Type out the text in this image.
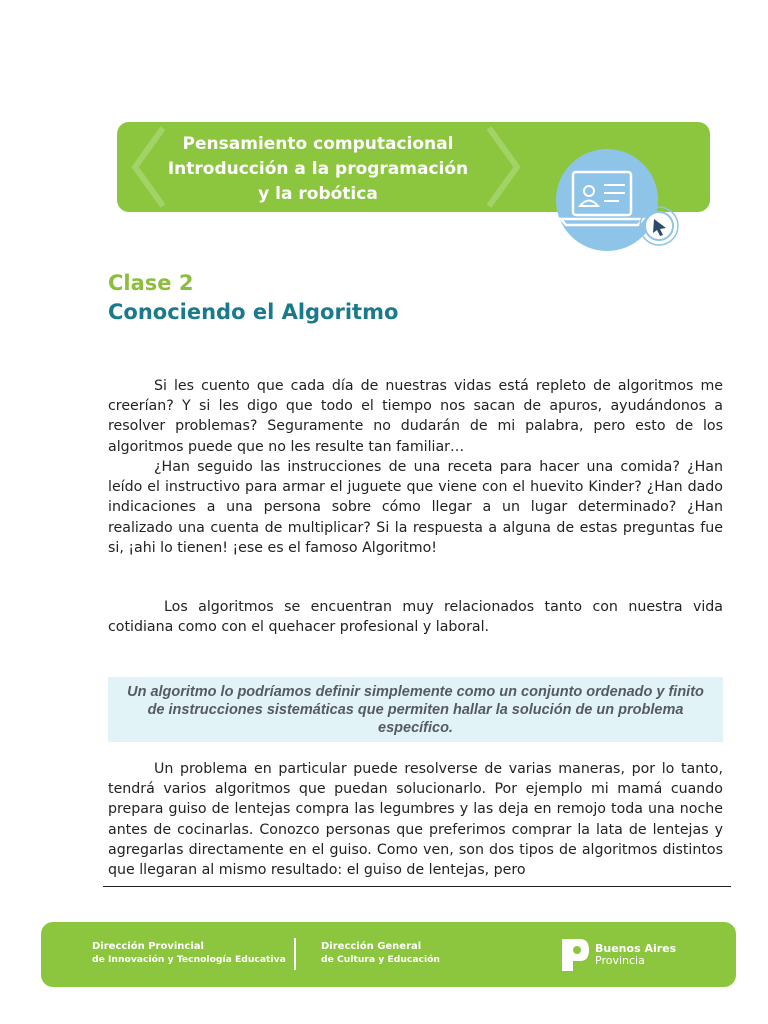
Pensamiento computacional
Introducción a la programación
y la robótica
Clase 2
Conociendo el Algoritmo

Si les cuento que cada día de nuestras vidas está repleto de algoritmos me creerían? Y si les digo que todo el tiempo nos sacan de apuros, ayudándonos a resolver problemas? Seguramente no dudarán de mi palabra, pero esto de los algoritmos puede que no les resulte tan familiar…

¿Han seguido las instrucciones de una receta para hacer una comida? ¿Han leído el instructivo para armar el juguete que viene con el huevito Kinder? ¿Han dado indicaciones a una persona sobre cómo llegar a un lugar determinado? ¿Han realizado una cuenta de multiplicar? Si la respuesta a alguna de estas preguntas fue si, ¡ahi lo tienen! ¡ese es el famoso Algoritmo!

Los algoritmos se encuentran muy relacionados tanto con nuestra vida cotidiana como con el quehacer profesional y laboral.

Un algoritmo lo podríamos definir simplemente como un conjunto ordenado y finito de instrucciones sistemáticas que permiten hallar la solución de un problema específico.

Un problema en particular puede resolverse de varias maneras, por lo tanto, tendrá varios algoritmos que puedan solucionarlo. Por ejemplo mi mamá cuando prepara guiso de lentejas compra las legumbres y las deja en remojo toda una noche antes de cocinarlas. Conozco personas que preferimos comprar la lata de lentejas y agregarlas directamente en el guiso. Como ven, son dos tipos de algoritmos distintos que llegaran al mismo resultado: el guiso de lentejas, pero

Dirección Provincial
de Innovación y Tecnología Educativa
Dirección General
de Cultura y Educación
Buenos Aires
Provincia
